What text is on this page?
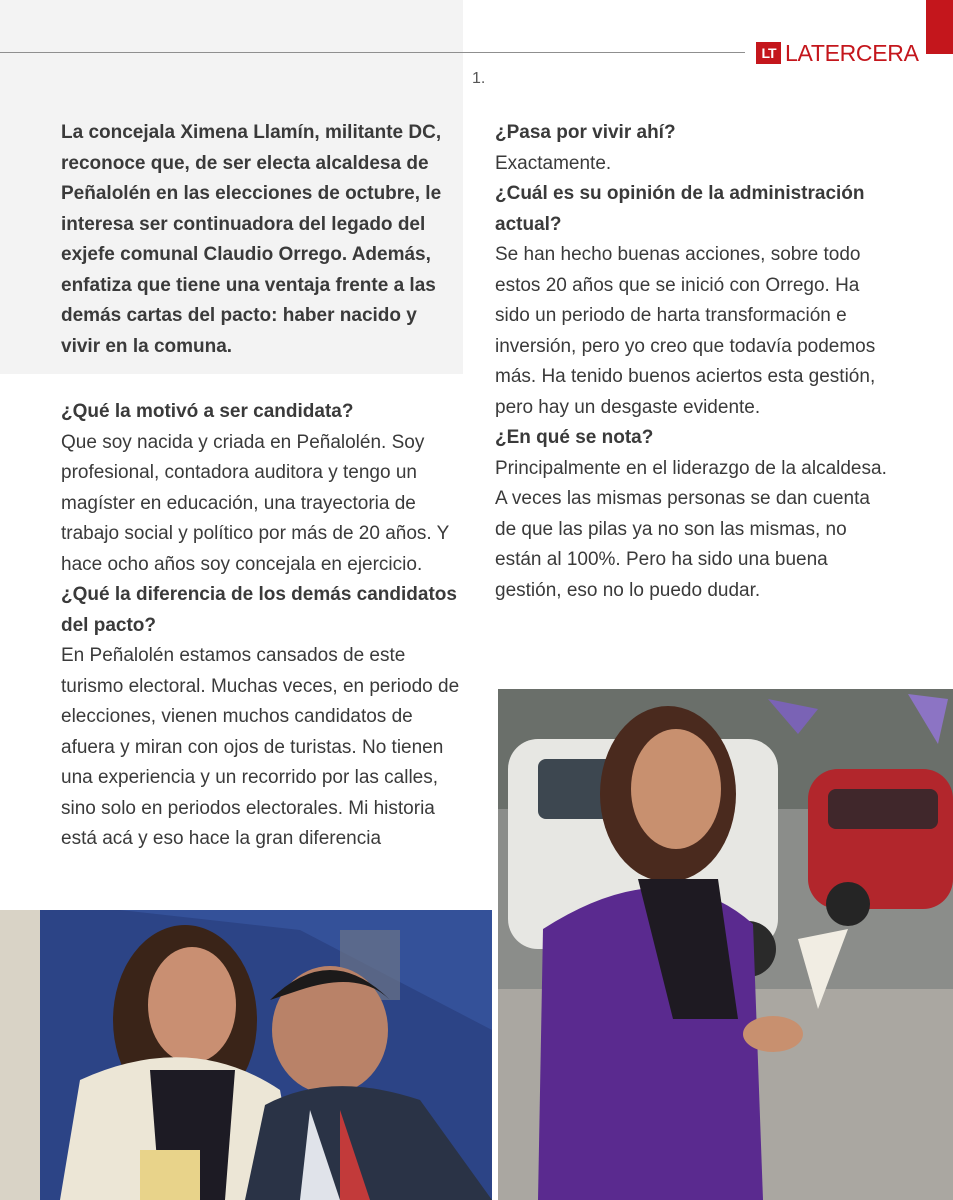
LT LATERCERA
1.
La concejala Ximena Llamín, militante DC, reconoce que, de ser electa alcaldesa de Peñalolén en las elecciones de octubre, le interesa ser continuadora del legado del exjefe comunal Claudio Orrego. Además, enfatiza que tiene una ventaja frente a las demás cartas del pacto: haber nacido y vivir en la comuna.

¿Qué la motivó a ser candidata?

Que soy nacida y criada en Peñalolén. Soy profesional, contadora auditora y tengo un magíster en educación, una trayectoria de trabajo social y político por más de 20 años. Y hace ocho años soy concejala en ejercicio.

¿Qué la diferencia de los demás candidatos del pacto?

En Peñalolén estamos cansados de este turismo electoral. Muchas veces, en periodo de elecciones, vienen muchos candidatos de afuera y miran con ojos de turistas. No tienen una experiencia y un recorrido por las calles, sino solo en periodos electorales. Mi historia está acá y eso hace la gran diferencia

¿Pasa por vivir ahí?

Exactamente.

¿Cuál es su opinión de la administración actual?

Se han hecho buenas acciones, sobre todo estos 20 años que se inició con Orrego. Ha sido un periodo de harta transformación e inversión, pero yo creo que todavía podemos más. Ha tenido buenos aciertos esta gestión, pero hay un desgaste evidente.

¿En qué se nota?

Principalmente en el liderazgo de la alcaldesa. A veces las mismas personas se dan cuenta de que las pilas ya no son las mismas, no están al 100%. Pero ha sido una buena gestión, eso no lo puedo dudar.
